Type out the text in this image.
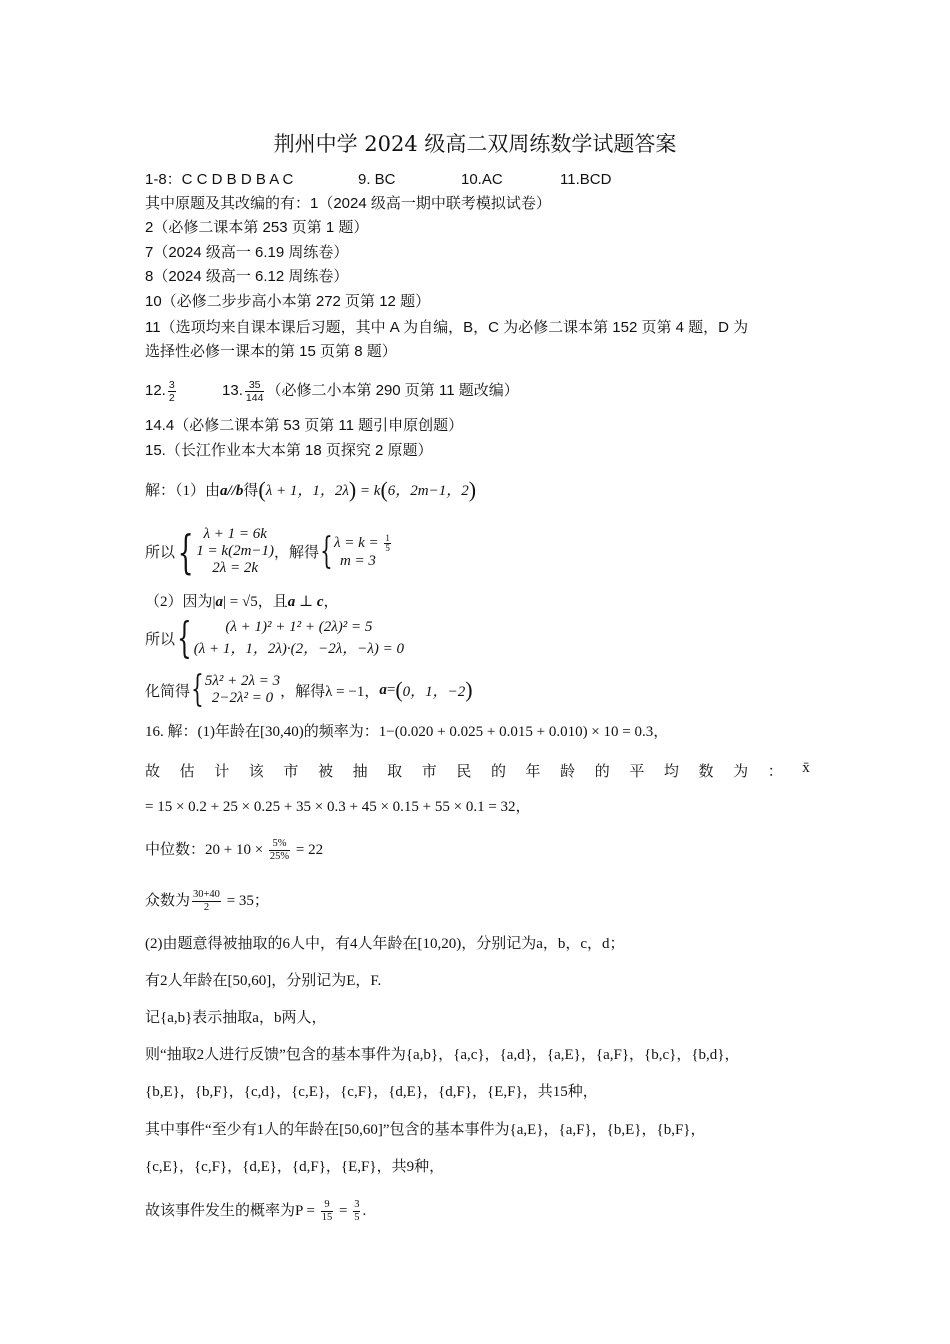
荆州中学 2024 级高二双周练数学试题答案
1-8：C C D B D B A C	9. BC	10.AC	11.BCD
其中原题及其改编的有：1（2024 级高一期中联考模拟试卷）
2（必修二课本第 253 页第 1 题）
7（2024 级高一 6.19 周练卷）
8（2024 级高一 6.12 周练卷）
10（必修二步步高小本第 272 页第 12 题）
11（选项均来自课本课后习题，其中 A 为自编，B，C 为必修二课本第 152 页第 4 题，D 为
选择性必修一课本的第 15 页第 8 题）
12. $\frac{3}{2}$	13. $\frac{35}{144}$ （必修二小本第 290 页第 11 题改编）
14.4（必修二课本第 53 页第 11 题引申原创题）
15.（长江作业本大本第 18 页探究 2 原题）
解：（1）由a//b得(λ + 1，1，2λ) = k(6，2m−1，2)
所以 { λ + 1 = 6k
1 = k(2m−1)
2λ = 2k
，解得 { $\lambda = k = \frac{1}{5}$
m = 3
（2）因为|a| = √5，且a ⊥ c，
所以 {	(λ + 1)² + 1² + (2λ)² = 5
(λ + 1，1，2λ)·(2，−2λ，−λ) = 0
化简得 { 5λ² + 2λ = 3
2−2λ² = 0 ，解得λ = −1， a = ( 0，1，−2 )
16. 解：(1)年龄在[30,40)的频率为：1−(0.020 + 0.025 + 0.015 + 0.010) × 10 = 0.3，
故 估 计 该 市 被 抽 取 市 民 的 年 龄 的 平 均 数 为 ： x̄
= 15 × 0.2 + 25 × 0.25 + 35 × 0.3 + 45 × 0.15 + 55 × 0.1 = 32，
中位数：$20 + 10 \times \frac{5\%}{25\%} = 22$
众数为 $\frac{30+40}{2} = 35$；
(2)由题意得被抽取的6人中，有4人年龄在[10,20)，分别记为a，b，c，d；
有2人年龄在[50,60]，分别记为E，F.
记{a,b}表示抽取a，b两人，
则“抽取2人进行反馈”包含的基本事件为{a,b}，{a,c}，{a,d}，{a,E}，{a,F}，{b,c}，{b,d}，
{b,E}，{b,F}，{c,d}，{c,E}，{c,F}，{d,E}，{d,F}，{E,F}，共15种，
其中事件“至少有1人的年龄在[50,60]”包含的基本事件为{a,E}，{a,F}，{b,E}，{b,F}，
{c,E}，{c,F}，{d,E}，{d,F}，{E,F}，共9种，
故该事件发生的概率为$P = \frac{9}{15} = \frac{3}{5}$ .
